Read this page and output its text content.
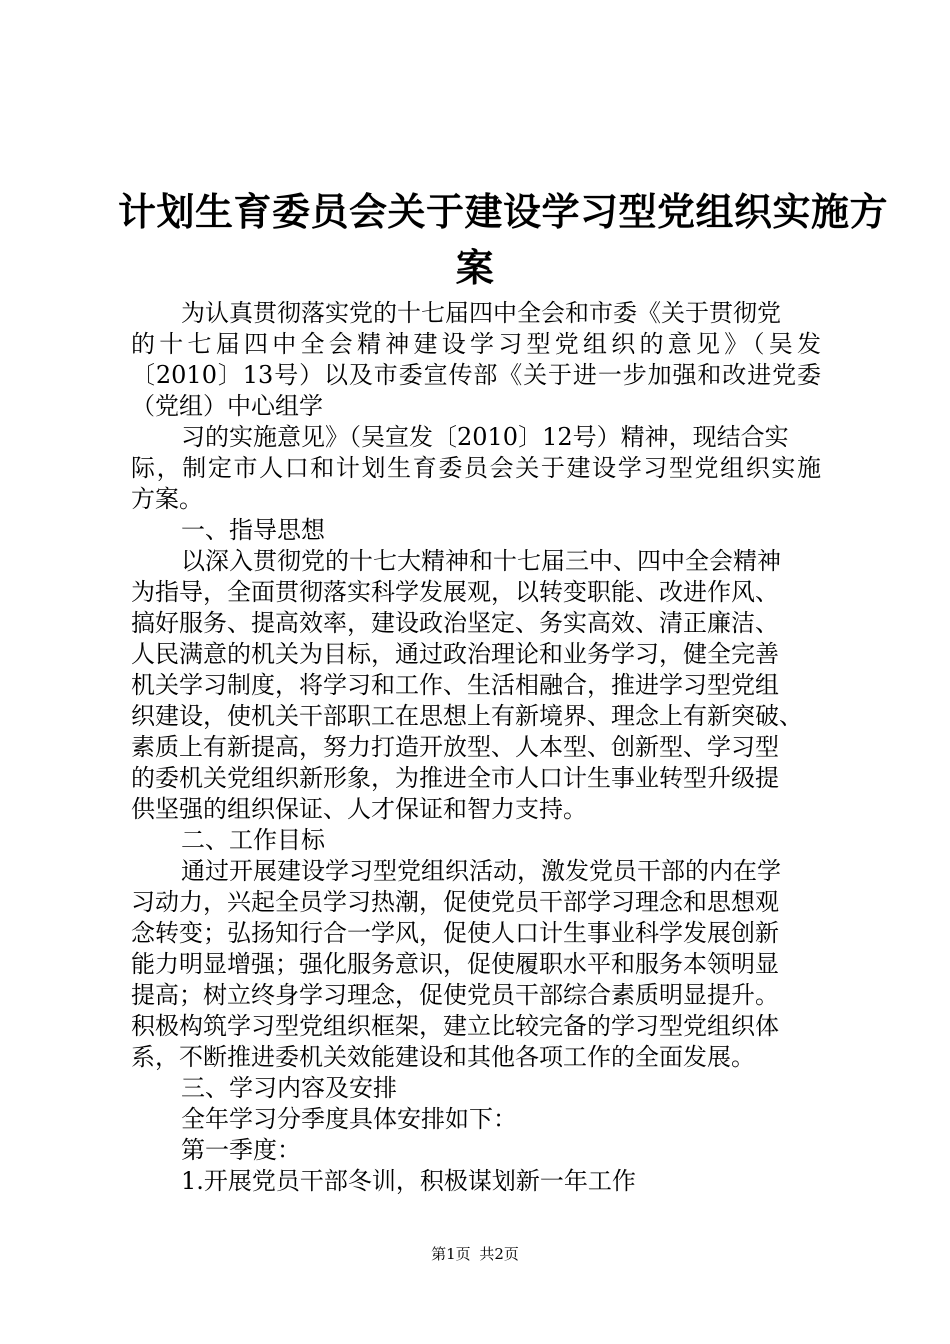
计划生育委员会关于建设学习型党组织实施方
案
为认真贯彻落实党的十七届四中全会和市委《关于贯彻党
的十七届四中全会精神建设学习型党组织的意见》（吴发
〔2010〕13号）以及市委宣传部《关于进一步加强和改进党委
（党组）中心组学
习的实施意见》（吴宣发〔2010〕12号）精神，现结合实
际，制定市人口和计划生育委员会关于建设学习型党组织实施
方案。
一、指导思想
以深入贯彻党的十七大精神和十七届三中、四中全会精神
为指导，全面贯彻落实科学发展观，以转变职能、改进作风、
搞好服务、提高效率，建设政治坚定、务实高效、清正廉洁、
人民满意的机关为目标，通过政治理论和业务学习，健全完善
机关学习制度，将学习和工作、生活相融合，推进学习型党组
织建设，使机关干部职工在思想上有新境界、理念上有新突破、
素质上有新提高，努力打造开放型、人本型、创新型、学习型
的委机关党组织新形象，为推进全市人口计生事业转型升级提
供坚强的组织保证、人才保证和智力支持。
二、工作目标
通过开展建设学习型党组织活动，激发党员干部的内在学
习动力，兴起全员学习热潮，促使党员干部学习理念和思想观
念转变；弘扬知行合一学风，促使人口计生事业科学发展创新
能力明显增强；强化服务意识，促使履职水平和服务本领明显
提高；树立终身学习理念，促使党员干部综合素质明显提升。
积极构筑学习型党组织框架，建立比较完备的学习型党组织体
系，不断推进委机关效能建设和其他各项工作的全面发展。
三、学习内容及安排
全年学习分季度具体安排如下：
第一季度：
1.开展党员干部冬训，积极谋划新一年工作
第1页 共2页
